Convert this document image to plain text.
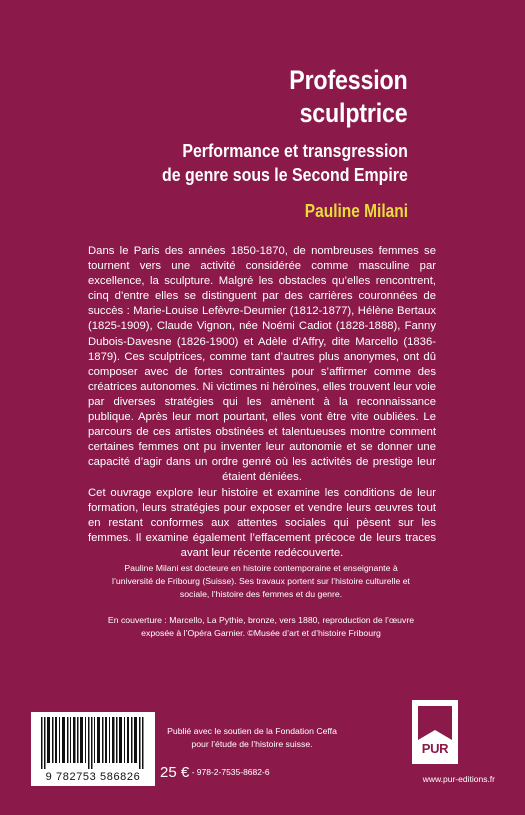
Profession
sculptrice
Performance et transgression
de genre sous le Second Empire
Pauline Milani

Dans le Paris des années 1850-1870, de nombreuses femmes se tournent vers une activité considérée comme masculine par excellence, la sculpture. Malgré les obstacles qu’elles rencontrent, cinq d’entre elles se distinguent par des carrières couronnées de succès : Marie-Louise Lefèvre-Deumier (1812-1877), Hélène Bertaux (1825-1909), Claude Vignon, née Noémi Cadiot (1828-1888), Fanny Dubois-Davesne (1826-1900) et Adèle d’Affry, dite Marcello (1836-1879). Ces sculptrices, comme tant d’autres plus anonymes, ont dû composer avec de fortes contraintes pour s’affirmer comme des créatrices autonomes. Ni victimes ni héroïnes, elles trouvent leur voie par diverses stratégies qui les amènent à la reconnaissance publique. Après leur mort pourtant, elles vont être vite oubliées. Le parcours de ces artistes obstinées et talentueuses montre comment certaines femmes ont pu inventer leur autonomie et se donner une capacité d’agir dans un ordre genré où les activités de prestige leur étaient déniées.

Cet ouvrage explore leur histoire et examine les conditions de leur formation, leurs stratégies pour exposer et vendre leurs œuvres tout en restant conformes aux attentes sociales qui pèsent sur les femmes. Il examine également l’effacement précoce de leurs traces avant leur récente redécouverte.

Pauline Milani est docteure en histoire contemporaine et enseignante à l’université de Fribourg (Suisse). Ses travaux portent sur l’histoire culturelle et sociale, l’histoire des femmes et du genre.
En couverture : Marcello, La Pythie, bronze, vers 1880, reproduction de l’œuvre exposée à l’Opéra Garnier. ©Musée d’art et d’histoire Fribourg
9 782753 586826
Publié avec le soutien de la Fondation Ceffa
pour l’étude de l’histoire suisse.
25 € - 978-2-7535-8682-6
PUR
www.pur-editions.fr
